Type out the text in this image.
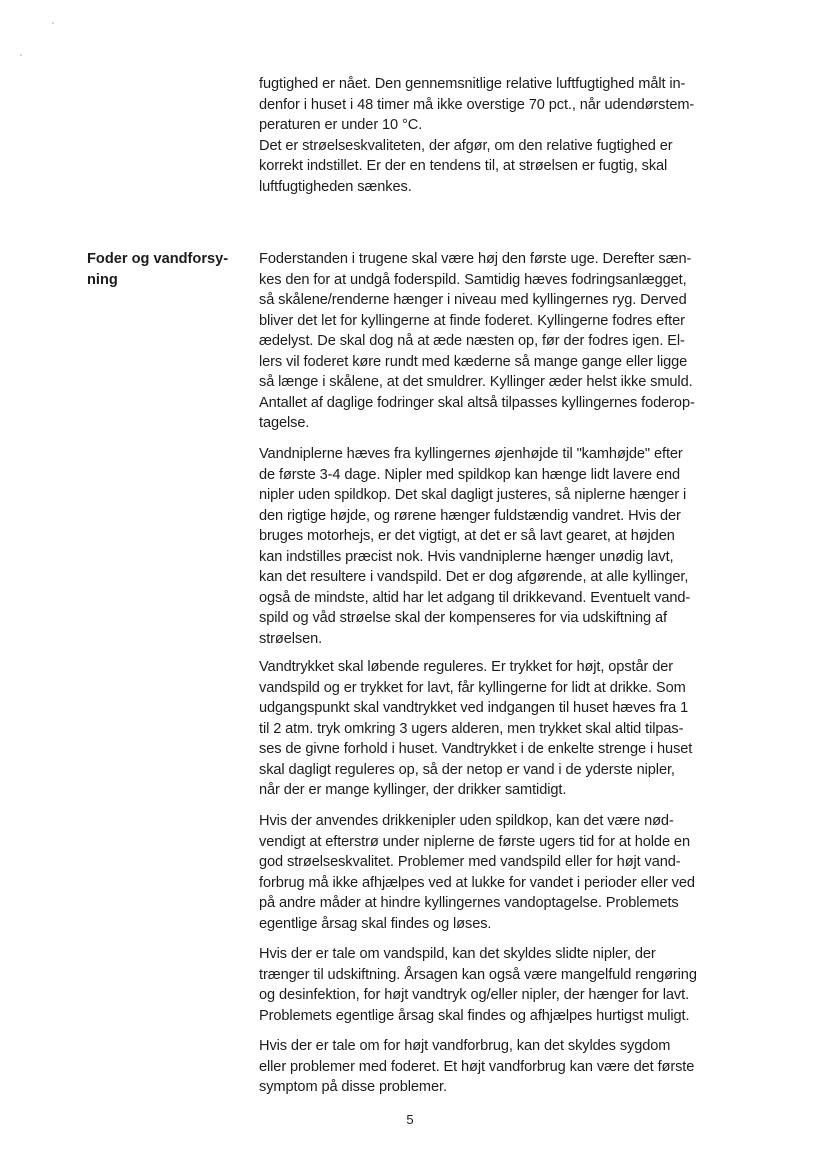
fugtighed er nået. Den gennemsnitlige relative luftfugtighed målt in-
denfor i huset i 48 timer må ikke overstige 70 pct., når udendørstem-
peraturen er under 10 °C.
Det er strøelseskvaliteten, der afgør, om den relative fugtighed er
korrekt indstillet. Er der en tendens til, at strøelsen er fugtig, skal
luftfugtigheden sænkes.

Foder og vandforsy-
ning

Foderstanden i trugene skal være høj den første uge. Derefter sæn-
kes den for at undgå foderspild. Samtidig hæves fodringsanlægget,
så skålene/renderne hænger i niveau med kyllingernes ryg. Derved
bliver det let for kyllingerne at finde foderet. Kyllingerne fodres efter
ædelyst. De skal dog nå at æde næsten op, før der fodres igen. El-
lers vil foderet køre rundt med kæderne så mange gange eller ligge
så længe i skålene, at det smuldrer. Kyllinger æder helst ikke smuld.
Antallet af daglige fodringer skal altså tilpasses kyllingernes foderop-
tagelse.

Vandniplerne hæves fra kyllingernes øjenhøjde til "kamhøjde" efter
de første 3-4 dage. Nipler med spildkop kan hænge lidt lavere end
nipler uden spildkop. Det skal dagligt justeres, så niplerne hænger i
den rigtige højde, og rørene hænger fuldstændig vandret. Hvis der
bruges motorhejs, er det vigtigt, at det er så lavt gearet, at højden
kan indstilles præcist nok. Hvis vandniplerne hænger unødig lavt,
kan det resultere i vandspild. Det er dog afgørende, at alle kyllinger,
også de mindste, altid har let adgang til drikkevand. Eventuelt vand-
spild og våd strøelse skal der kompenseres for via udskiftning af
strøelsen.

Vandtrykket skal løbende reguleres. Er trykket for højt, opstår der
vandspild og er trykket for lavt, får kyllingerne for lidt at drikke. Som
udgangspunkt skal vandtrykket ved indgangen til huset hæves fra 1
til 2 atm. tryk omkring 3 ugers alderen, men trykket skal altid tilpas-
ses de givne forhold i huset. Vandtrykket i de enkelte strenge i huset
skal dagligt reguleres op, så der netop er vand i de yderste nipler,
når der er mange kyllinger, der drikker samtidigt.

Hvis der anvendes drikkenipler uden spildkop, kan det være nød-
vendigt at efterstrø under niplerne de første ugers tid for at holde en
god strøelseskvalitet. Problemer med vandspild eller for højt vand-
forbrug må ikke afhjælpes ved at lukke for vandet i perioder eller ved
på andre måder at hindre kyllingernes vandoptagelse. Problemets
egentlige årsag skal findes og løses.

Hvis der er tale om vandspild, kan det skyldes slidte nipler, der
trænger til udskiftning. Årsagen kan også være mangelfuld rengøring
og desinfektion, for højt vandtryk og/eller nipler, der hænger for lavt.
Problemets egentlige årsag skal findes og afhjælpes hurtigst muligt.

Hvis der er tale om for højt vandforbrug, kan det skyldes sygdom
eller problemer med foderet. Et højt vandforbrug kan være det første
symptom på disse problemer.

5
